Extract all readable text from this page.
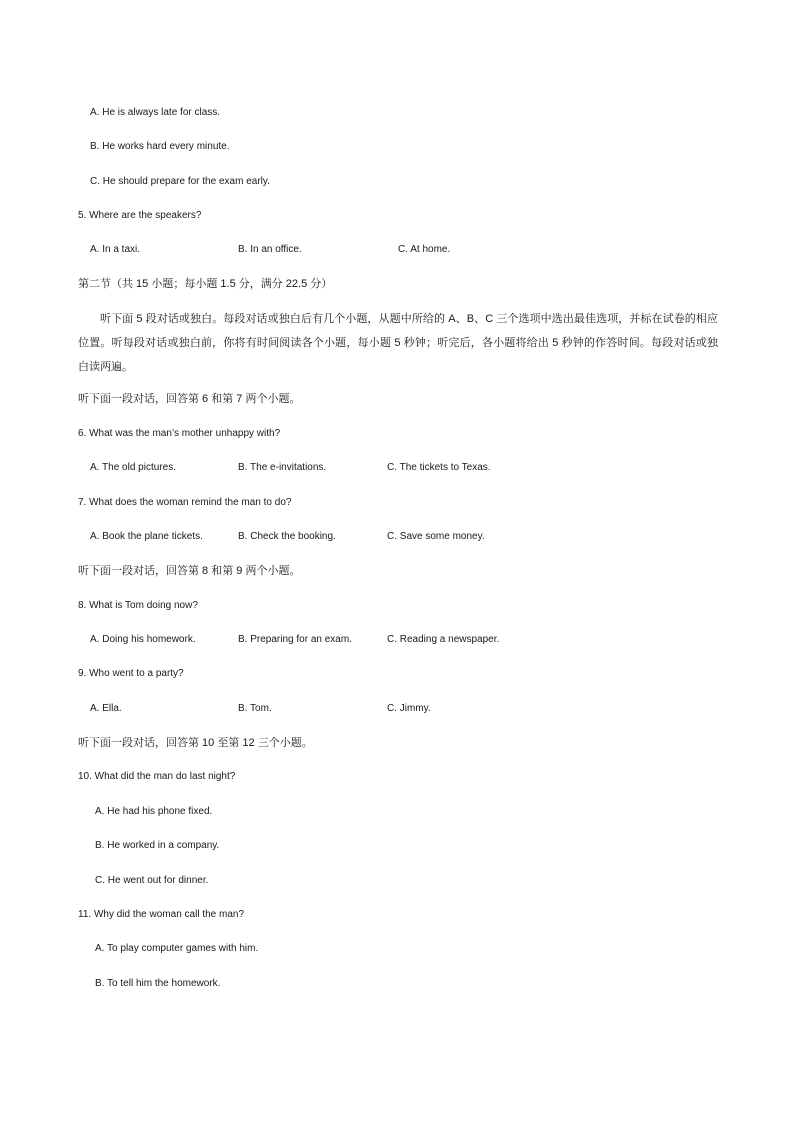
A. He is always late for class.
B. He works hard every minute.
C. He should prepare for the exam early.
5. Where are the speakers?
A. In a taxi.	B. In an office.	C. At home.
第二节（共 15 小题；每小题 1.5 分，满分 22.5 分）
听下面 5 段对话或独白。每段对话或独白后有几个小题，从题中所给的 A、B、C 三个选项中选出最佳选项，并标在试卷的相应位置。听每段对话或独白前，你将有时间阅读各个小题，每小题 5 秒钟；听完后，各小题将给出 5 秒钟的作答时间。每段对话或独白读两遍。
听下面一段对话，回答第 6 和第 7 两个小题。
6. What was the man’s mother unhappy with?
A. The old pictures.	B. The e-invitations.	C. The tickets to Texas.
7. What does the woman remind the man to do?
A. Book the plane tickets.	B. Check the booking.	C. Save some money.
听下面一段对话，回答第 8 和第 9 两个小题。
8. What is Tom doing now?
A. Doing his homework.	B. Preparing for an exam.	C. Reading a newspaper.
9. Who went to a party?
A. Ella.	B. Tom.	C. Jimmy.
听下面一段对话，回答第 10 至第 12 三个小题。
10. What did the man do last night?
A. He had his phone fixed.
B. He worked in a company.
C. He went out for dinner.
11. Why did the woman call the man?
A. To play computer games with him.
B. To tell him the homework.
